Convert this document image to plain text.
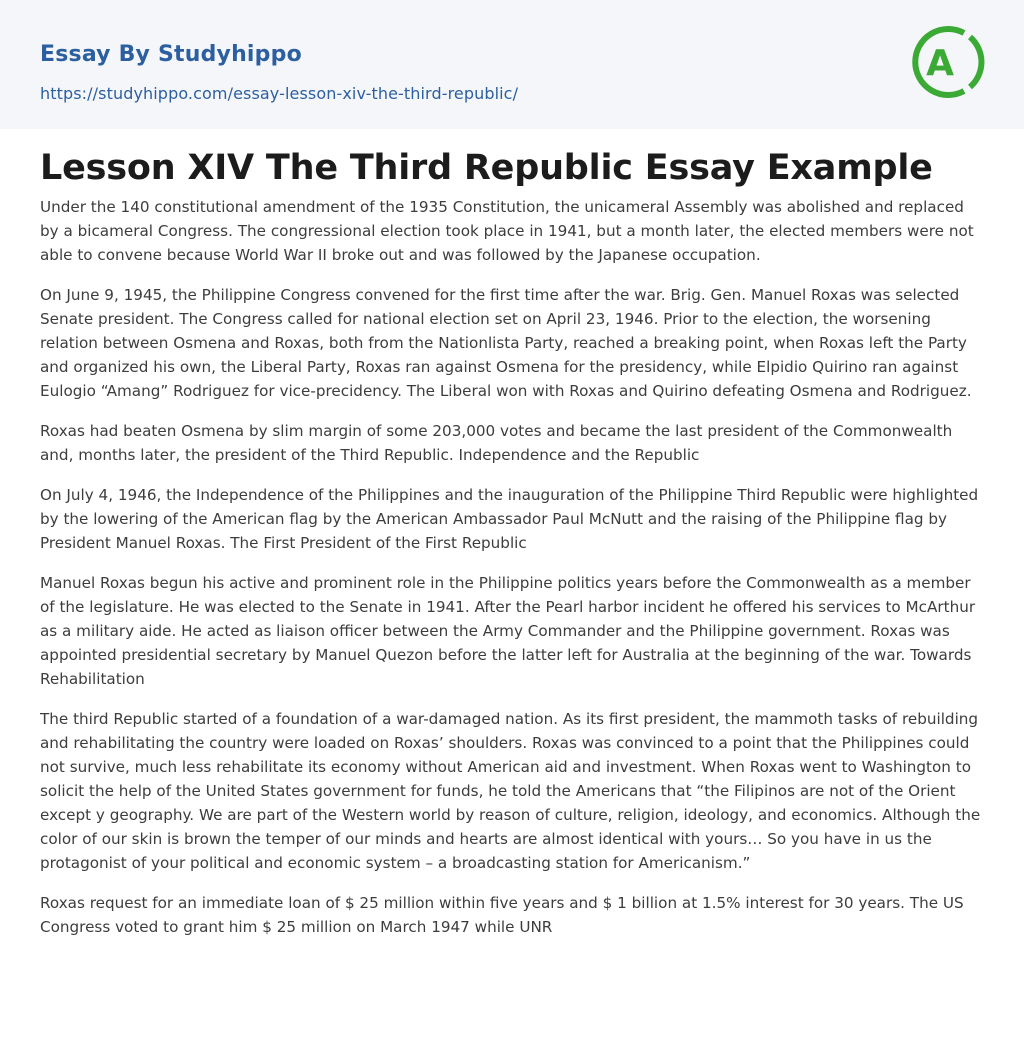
Essay By Studyhippo
https://studyhippo.com/essay-lesson-xiv-the-third-republic/
A
Lesson XIV The Third Republic Essay Example

Under the 140 constitutional amendment of the 1935 Constitution, the unicameral Assembly was abolished and replaced by a bicameral Congress. The congressional election took place in 1941, but a month later, the elected members were not able to convene because World War II broke out and was followed by the Japanese occupation.

On June 9, 1945, the Philippine Congress convened for the first time after the war. Brig. Gen. Manuel Roxas was selected Senate president. The Congress called for national election set on April 23, 1946. Prior to the election, the worsening relation between Osmena and Roxas, both from the Nationlista Party, reached a breaking point, when Roxas left the Party and organized his own, the Liberal Party, Roxas ran against Osmena for the presidency, while Elpidio Quirino ran against Eulogio “Amang” Rodriguez for vice-precidency. The Liberal won with Roxas and Quirino defeating Osmena and Rodriguez.

Roxas had beaten Osmena by slim margin of some 203,000 votes and became the last president of the Commonwealth and, months later, the president of the Third Republic. Independence and the Republic

On July 4, 1946, the Independence of the Philippines and the inauguration of the Philippine Third Republic were highlighted by the lowering of the American flag by the American Ambassador Paul McNutt and the raising of the Philippine flag by President Manuel Roxas. The First President of the First Republic

Manuel Roxas begun his active and prominent role in the Philippine politics years before the Commonwealth as a member of the legislature. He was elected to the Senate in 1941. After the Pearl harbor incident he offered his services to McArthur as a military aide. He acted as liaison officer between the Army Commander and the Philippine government. Roxas was appointed presidential secretary by Manuel Quezon before the latter left for Australia at the beginning of the war. Towards Rehabilitation

The third Republic started of a foundation of a war-damaged nation. As its first president, the mammoth tasks of rebuilding and rehabilitating the country were loaded on Roxas’ shoulders. Roxas was convinced to a point that the Philippines could not survive, much less rehabilitate its economy without American aid and investment. When Roxas went to Washington to solicit the help of the United States government for funds, he told the Americans that “the Filipinos are not of the Orient except y geography. We are part of the Western world by reason of culture, religion, ideology, and economics. Although the color of our skin is brown the temper of our minds and hearts are almost identical with yours… So you have in us the protagonist of your political and economic system – a broadcasting station for Americanism.”

Roxas request for an immediate loan of $ 25 million within five years and $ 1 billion at 1.5% interest for 30 years. The US Congress voted to grant him $ 25 million on March 1947 while UNR
